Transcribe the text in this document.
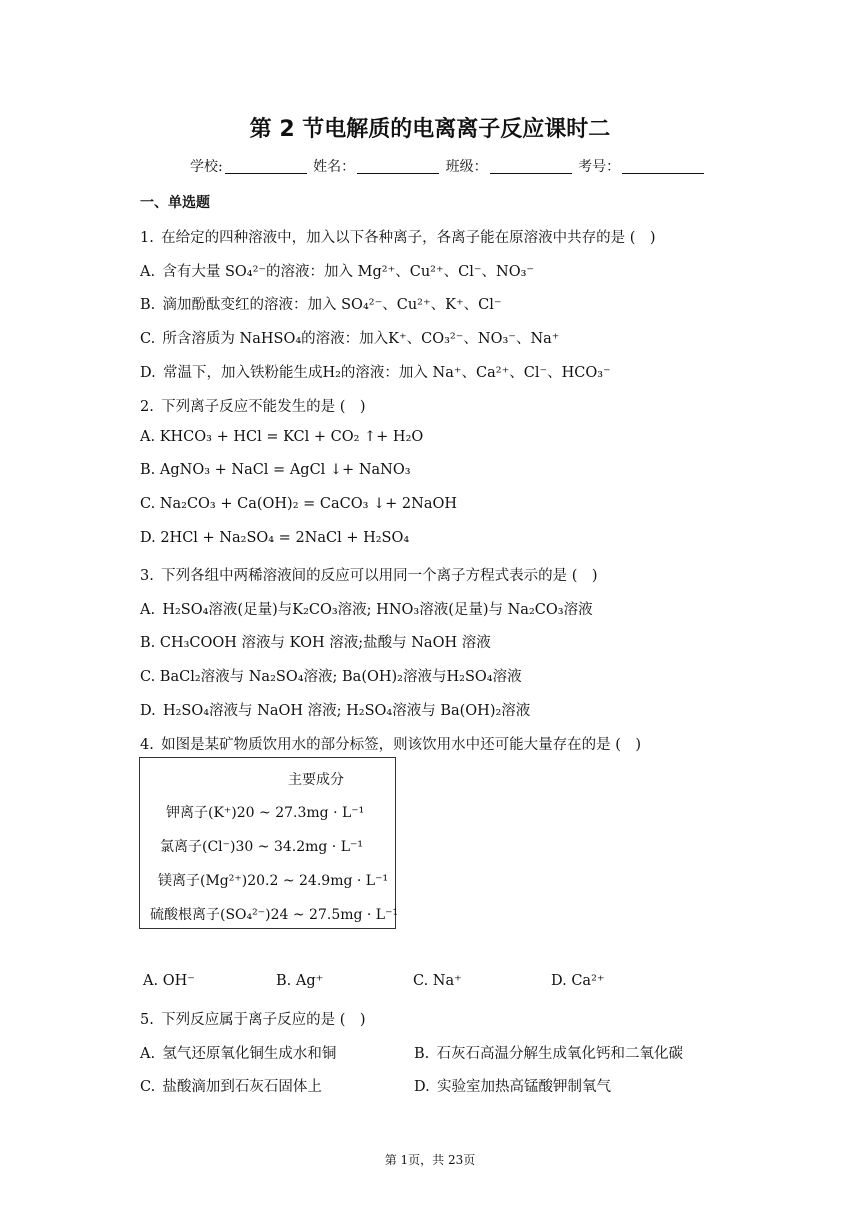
第 2 节电解质的电离离子反应课时二
学校:	姓名：	班级：	考号：
一、单选题
1. 在给定的四种溶液中，加入以下各种离子，各离子能在原溶液中共存的是 ( )
A. 含有大量 SO₄²⁻的溶液：加入 Mg²⁺、Cu²⁺、Cl⁻、NO₃⁻
B. 滴加酚酞变红的溶液：加入 SO₄²⁻、Cu²⁺、K⁺、Cl⁻
C. 所含溶质为 NaHSO₄的溶液：加入K⁺、CO₃²⁻、NO₃⁻、Na⁺
D. 常温下，加入铁粉能生成H₂的溶液：加入 Na⁺、Ca²⁺、Cl⁻、HCO₃⁻
2. 下列离子反应不能发生的是 ( )
A. KHCO₃ + HCl = KCl + CO₂ ↑+ H₂O
B. AgNO₃ + NaCl = AgCl ↓+ NaNO₃
C. Na₂CO₃ + Ca(OH)₂ = CaCO₃ ↓+ 2NaOH
D. 2HCl + Na₂SO₄ = 2NaCl + H₂SO₄
3. 下列各组中两稀溶液间的反应可以用同一个离子方程式表示的是 ( )
A. H₂SO₄溶液(足量)与K₂CO₃溶液; HNO₃溶液(足量)与 Na₂CO₃溶液
B. CH₃COOH 溶液与 KOH 溶液;盐酸与 NaOH 溶液
C. BaCl₂溶液与 Na₂SO₄溶液; Ba(OH)₂溶液与H₂SO₄溶液
D. H₂SO₄溶液与 NaOH 溶液; H₂SO₄溶液与 Ba(OH)₂溶液
4. 如图是某矿物质饮用水的部分标签，则该饮用水中还可能大量存在的是 ( )
主要成分
钾离子(K⁺)20 ~ 27.3mg · L⁻¹
氯离子(Cl⁻)30 ~ 34.2mg · L⁻¹
镁离子(Mg²⁺)20.2 ~ 24.9mg · L⁻¹
硫酸根离子(SO₄²⁻)24 ~ 27.5mg · L⁻¹
A. OH⁻	B. Ag⁺	C. Na⁺	D. Ca²⁺
5. 下列反应属于离子反应的是 ( )
A. 氢气还原氧化铜生成水和铜	B. 石灰石高温分解生成氧化钙和二氧化碳
C. 盐酸滴加到石灰石固体上	D. 实验室加热高锰酸钾制氧气
第 1页，共 23页
